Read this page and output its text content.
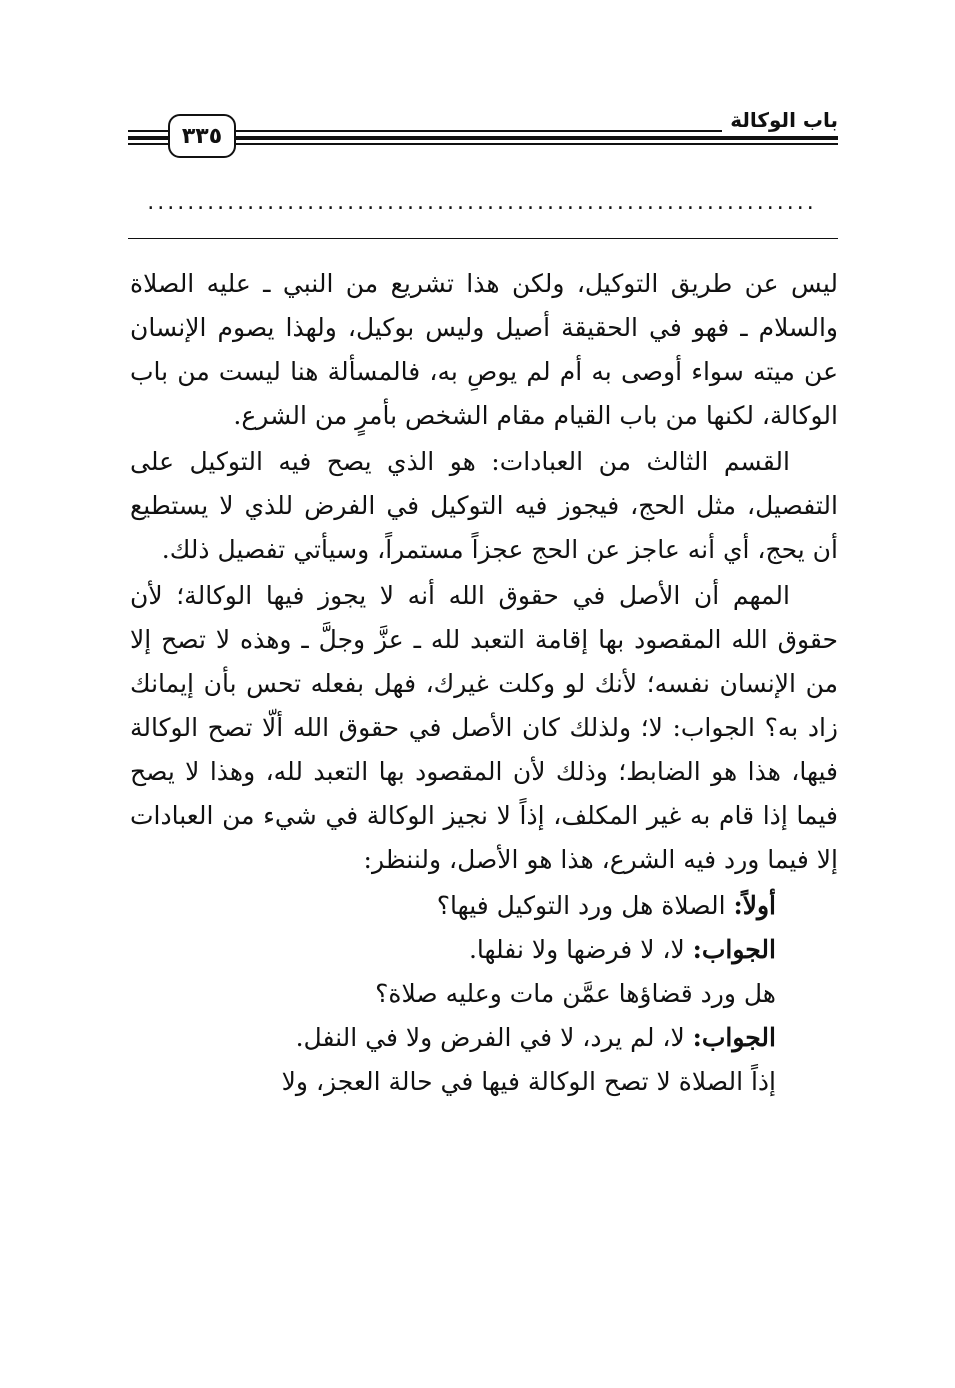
٣٣٥
باب الوكالة
...................................................................

ليس عن طريق التوكيل، ولكن هذا تشريع من النبي ـ عليه الصلاة والسلام ـ فهو في الحقيقة أصيل وليس بوكيل، ولهذا يصوم الإنسان عن ميته سواء أوصى به أم لم يوصِ به، فالمسألة هنا ليست من باب الوكالة، لكنها من باب القيام مقام الشخص بأمرٍ من الشرع.

القسم الثالث من العبادات: هو الذي يصح فيه التوكيل على التفصيل، مثل الحج، فيجوز فيه التوكيل في الفرض للذي لا يستطيع أن يحج، أي أنه عاجز عن الحج عجزاً مستمراً، وسيأتي تفصيل ذلك.

المهم أن الأصل في حقوق الله أنه لا يجوز فيها الوكالة؛ لأن حقوق الله المقصود بها إقامة التعبد لله ـ عزَّ وجلَّ ـ وهذه لا تصح إلا من الإنسان نفسه؛ لأنك لو وكلت غيرك، فهل بفعله تحس بأن إيمانك زاد به؟ الجواب: لا؛ ولذلك كان الأصل في حقوق الله ألّا تصح الوكالة فيها، هذا هو الضابط؛ وذلك لأن المقصود بها التعبد لله، وهذا لا يصح فيما إذا قام به غير المكلف، إذاً لا نجيز الوكالة في شيء من العبادات إلا فيما ورد فيه الشرع، هذا هو الأصل، ولننظر:

أولاً: الصلاة هل ورد التوكيل فيها؟

الجواب: لا، لا فرضها ولا نفلها.

هل ورد قضاؤها عمَّن مات وعليه صلاة؟

الجواب: لا، لم يرد، لا في الفرض ولا في النفل.

إذاً الصلاة لا تصح الوكالة فيها في حالة العجز، ولا
